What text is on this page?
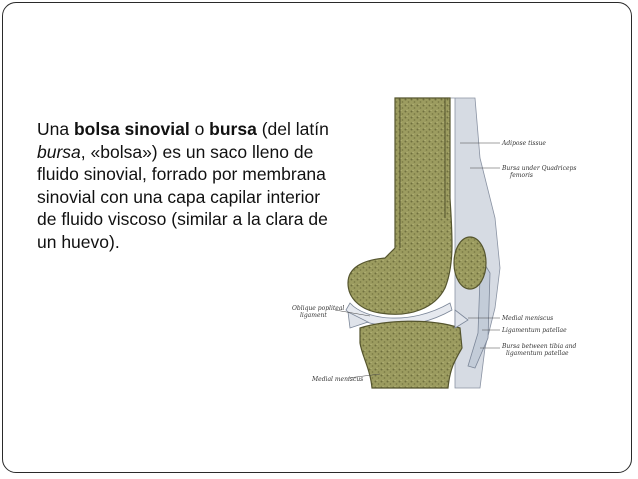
Una bolsa sinovial o bursa (del latín bursa, «bolsa») es un saco lleno de fluido sinovial, forrado por membrana sinovial con una capa capilar interior de fluido viscoso (similar a la clara de un huevo).

Adipose tissue
Bursa under Quadriceps
femoris
Oblique popliteal
ligament	Medial meniscus
Ligamentum patellae
Bursa between tibia and
ligamentum patellae
Medial meniscus
